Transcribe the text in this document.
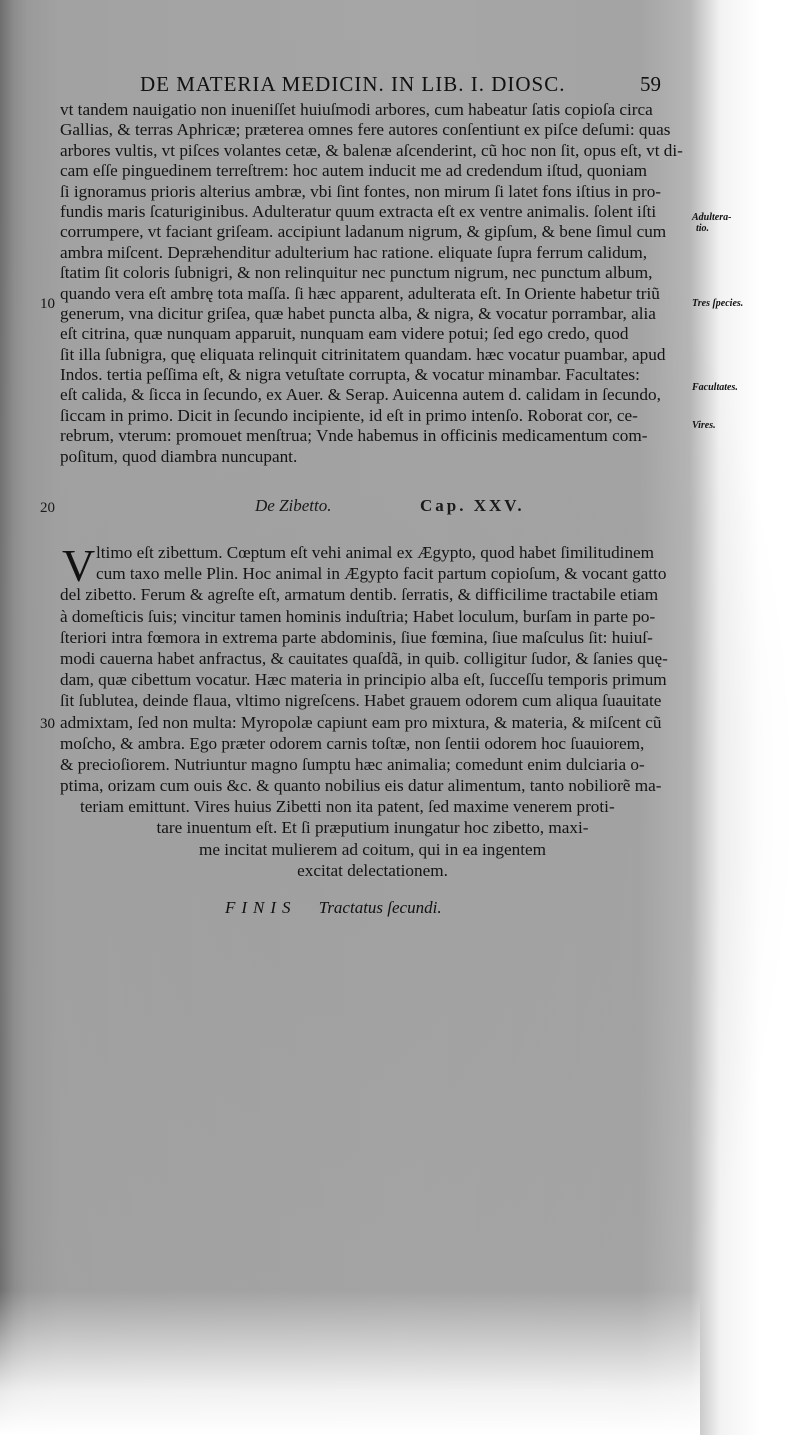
DE MATERIA MEDICIN. IN LIB. I. DIOSC.	59
vt tandem nauigatio non inueniſſet huiuſmodi arbores, cum habeatur ſatis copioſa circa
Gallias, & terras Aphricæ; præterea omnes fere autores conſentiunt ex piſce deſumi: quas
arbores vultis, vt piſces volantes cetæ, & balenæ aſcenderint, cũ hoc non ſit, opus eſt, vt di-
cam eſſe pinguedinem terreſtrem: hoc autem inducit me ad credendum iſtud, quoniam
ſi ignoramus prioris alterius ambræ, vbi ſint fontes, non mirum ſi latet fons iſtius in pro-
fundis maris ſcaturiginibus. Adulteratur quum extracta eſt ex ventre animalis. ſolent iſti
corrumpere, vt faciant griſeam. accipiunt ladanum nigrum, & gipſum, & bene ſimul cum
ambra miſcent. Depræhenditur adulterium hac ratione. eliquate ſupra ferrum calidum,
ſtatim ſit coloris ſubnigri, & non relinquitur nec punctum nigrum, nec punctum album,
quando vera eſt ambrę tota maſſa. ſi hæc apparent, adulterata eſt. In Oriente habetur triũ
generum, vna dicitur griſea, quæ habet puncta alba, & nigra, & vocatur porrambar, alia
eſt citrina, quæ nunquam apparuit, nunquam eam videre potui; ſed ego credo, quod
ſit illa ſubnigra, quę eliquata relinquit citrinitatem quandam. hæc vocatur puambar, apud
Indos. tertia peſſima eſt, & nigra vetuſtate corrupta, & vocatur minambar. Facultates:
eſt calida, & ſicca in ſecundo, ex Auer. & Serap. Auicenna autem d. calidam in ſecundo,
ſiccam in primo. Dicit in ſecundo incipiente, id eſt in primo intenſo. Roborat cor, ce-
rebrum, vterum: promouet menſtrua; Vnde habemus in officinis medicamentum com-
poſitum, quod diambra nuncupant.
10
Adultera-
tio.
Tres ſpecies.
Facultates.
Vires.
20	De Zibetto.	Cap. XXV.
V ltimo eſt zibettum. Cœptum eſt vehi animal ex Ægypto, quod habet ſimilitudinem
cum taxo melle Plin. Hoc animal in Ægypto facit partum copioſum, & vocant gatto
del zibetto. Ferum & agreſte eſt, armatum dentib. ſerratis, & difficilime tractabile etiam
à domeſticis ſuis; vincitur tamen hominis induſtria; Habet loculum, burſam in parte po-
ſteriori intra fœmora in extrema parte abdominis, ſiue fœmina, ſiue maſculus ſit: huiuſ-
modi cauerna habet anfractus, & cauitates quaſdã, in quib. colligitur ſudor, & ſanies quę-
dam, quæ cibettum vocatur. Hæc materia in principio alba eſt, ſucceſſu temporis primum
ſit ſublutea, deinde flaua, vltimo nigreſcens. Habet grauem odorem cum aliqua ſuauitate
admixtam, ſed non multa: Myropolæ capiunt eam pro mixtura, & materia, & miſcent cũ
moſcho, & ambra. Ego præter odorem carnis toſtæ, non ſentii odorem hoc ſuauiorem,
& precioſiorem. Nutriuntur magno ſumptu hæc animalia; comedunt enim dulciaria o-
ptima, orizam cum ouis &c. & quanto nobilius eis datur alimentum, tanto nobiliorẽ ma-
teriam emittunt. Vires huius Zibetti non ita patent, ſed maxime venerem proti-
tare inuentum eſt. Et ſi præputium inungatur hoc zibetto, maxi-
me incitat mulierem ad coitum, qui in ea ingentem
excitat delectationem.
30
FINIS Tractatus ſecundi.
